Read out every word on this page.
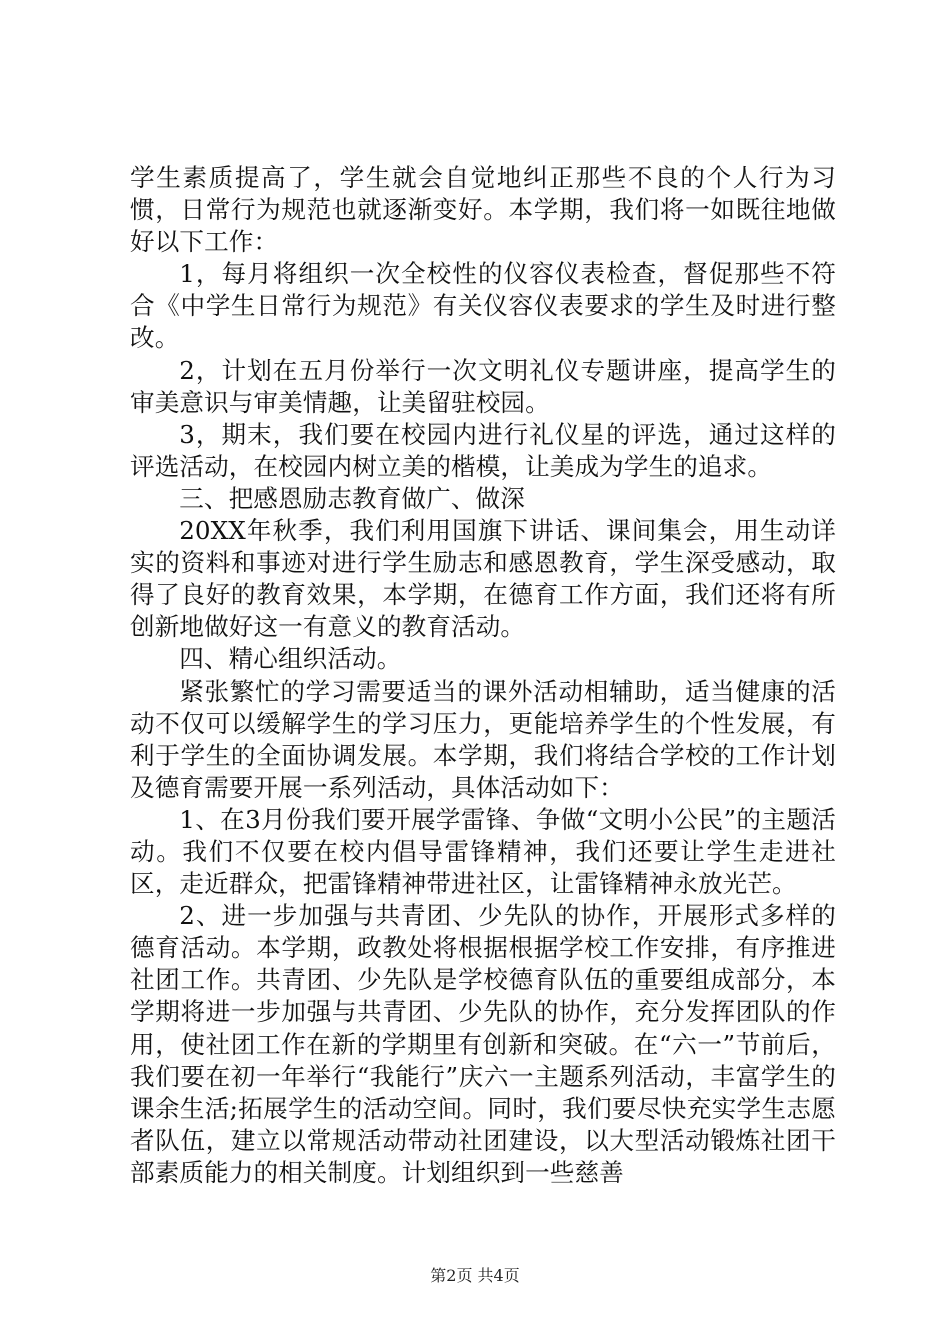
学生素质提高了，学生就会自觉地纠正那些不良的个人行为习惯，日常行为规范也就逐渐变好。本学期，我们将一如既往地做好以下工作：

1，每月将组织一次全校性的仪容仪表检查，督促那些不符合《中学生日常行为规范》有关仪容仪表要求的学生及时进行整改。

2，计划在五月份举行一次文明礼仪专题讲座，提高学生的审美意识与审美情趣，让美留驻校园。

3，期末，我们要在校园内进行礼仪星的评选，通过这样的评选活动，在校园内树立美的楷模，让美成为学生的追求。

三、把感恩励志教育做广、做深

20XX年秋季，我们利用国旗下讲话、课间集会，用生动详实的资料和事迹对进行学生励志和感恩教育，学生深受感动，取得了良好的教育效果，本学期，在德育工作方面，我们还将有所创新地做好这一有意义的教育活动。

四、精心组织活动。

紧张繁忙的学习需要适当的课外活动相辅助，适当健康的活动不仅可以缓解学生的学习压力，更能培养学生的个性发展，有利于学生的全面协调发展。本学期，我们将结合学校的工作计划及德育需要开展一系列活动，具体活动如下：

1、在3月份我们要开展学雷锋、争做“文明小公民”的主题活动。我们不仅要在校内倡导雷锋精神，我们还要让学生走进社区，走近群众，把雷锋精神带进社区，让雷锋精神永放光芒。

2、进一步加强与共青团、少先队的协作，开展形式多样的德育活动。本学期，政教处将根据根据学校工作安排，有序推进社团工作。共青团、少先队是学校德育队伍的重要组成部分，本学期将进一步加强与共青团、少先队的协作，充分发挥团队的作用，使社团工作在新的学期里有创新和突破。在“六一”节前后，我们要在初一年举行“我能行”庆六一主题系列活动，丰富学生的课余生活;拓展学生的活动空间。同时，我们要尽快充实学生志愿者队伍，建立以常规活动带动社团建设，以大型活动锻炼社团干部素质能力的相关制度。计划组织到一些慈善

第2页 共4页
